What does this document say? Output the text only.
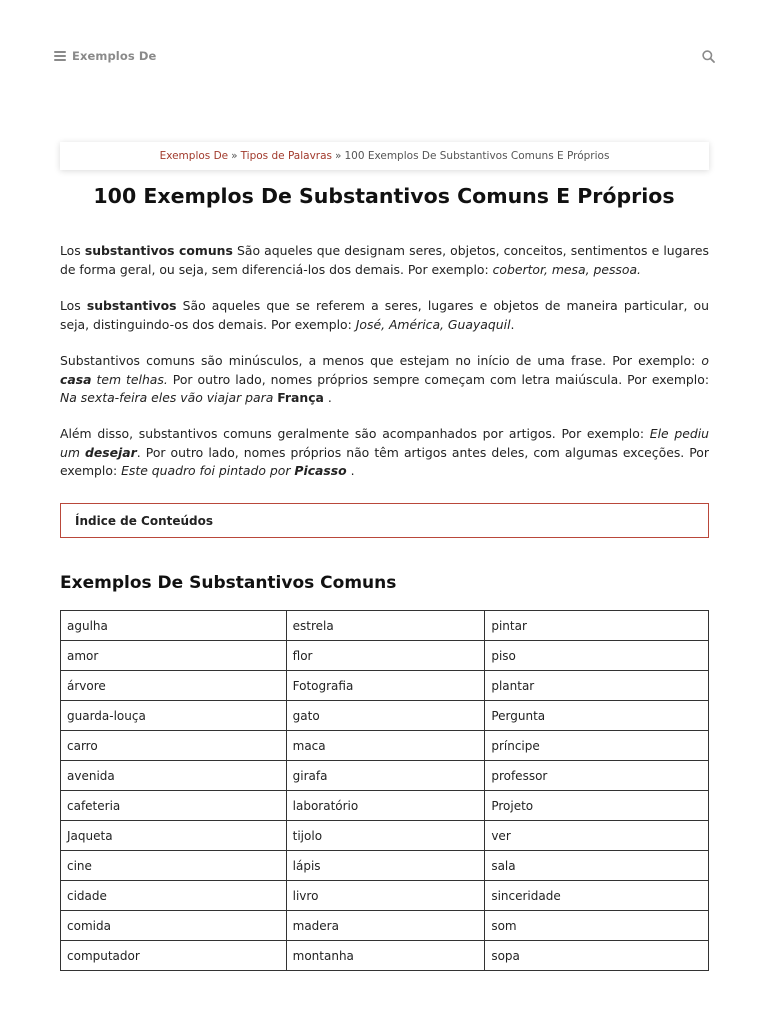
Exemplos De
Exemplos De » Tipos de Palavras » 100 Exemplos De Substantivos Comuns E Próprios
100 Exemplos De Substantivos Comuns E Próprios

Los substantivos comuns São aqueles que designam seres, objetos, conceitos, sentimentos e lugares de forma geral, ou seja, sem diferenciá-los dos demais. Por exemplo: cobertor, mesa, pessoa.

Los substantivos São aqueles que se referem a seres, lugares e objetos de maneira particular, ou seja, distinguindo-os dos demais. Por exemplo: José, América, Guayaquil.

Substantivos comuns são minúsculos, a menos que estejam no início de uma frase. Por exemplo: o casa tem telhas. Por outro lado, nomes próprios sempre começam com letra maiúscula. Por exemplo: Na sexta-feira eles vão viajar para França .

Além disso, substantivos comuns geralmente são acompanhados por artigos. Por exemplo: Ele pediu um desejar. Por outro lado, nomes próprios não têm artigos antes deles, com algumas exceções. Por exemplo: Este quadro foi pintado por Picasso .

Índice de Conteúdos
Exemplos De Substantivos Comuns
agulha	estrela	pintar
amor	flor	piso
árvore	Fotografia	plantar
guarda-louça	gato	Pergunta
carro	maca	príncipe
avenida	girafa	professor
cafeteria	laboratório	Projeto
Jaqueta	tijolo	ver
cine	lápis	sala
cidade	livro	sinceridade
comida	madera	som
computador	montanha	sopa
